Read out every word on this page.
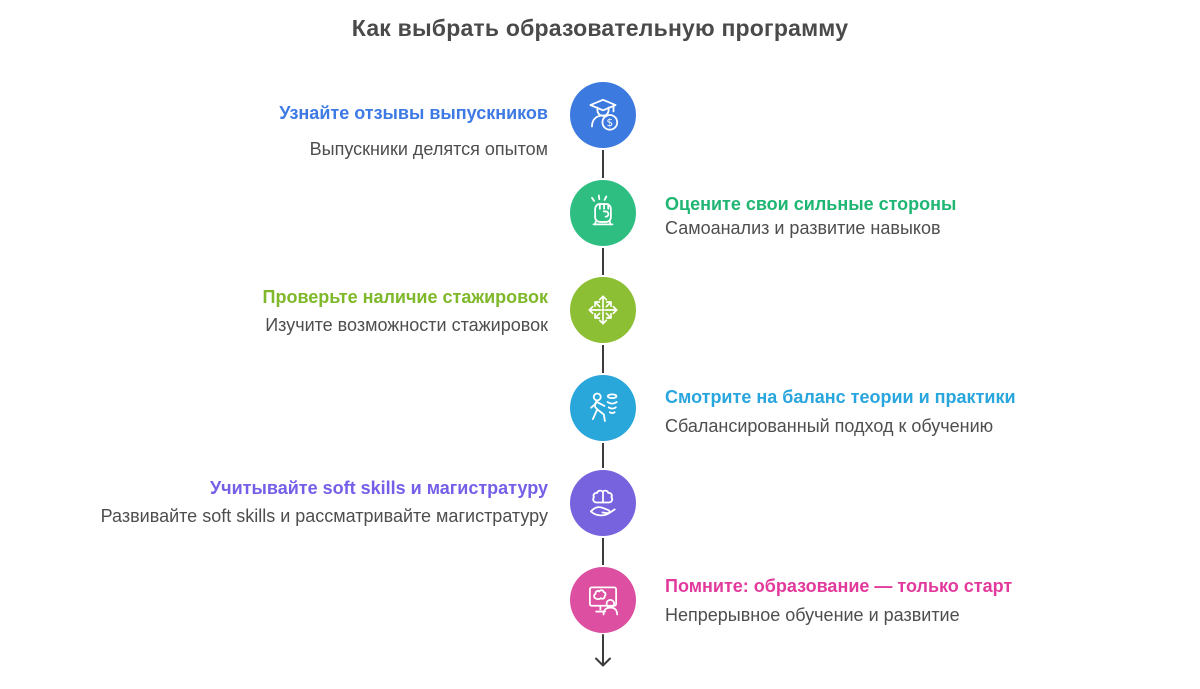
Как выбрать образовательную программу
Узнайте отзывы выпускников
Выпускники делятся опытом
Оцените свои сильные стороны
Самоанализ и развитие навыков
Проверьте наличие стажировок
Изучите возможности стажировок
Смотрите на баланс теории и практики
Сбалансированный подход к обучению
Учитывайте soft skills и магистратуру
Развивайте soft skills и рассматривайте магистратуру
Помните: образование — только старт
Непрерывное обучение и развитие
$
